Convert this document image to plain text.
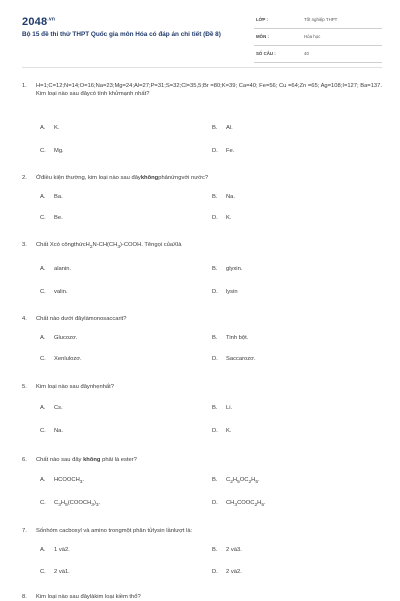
$2048^{.vn}$
Bộ 15 đề thi thử THPT Quốc gia môn Hóa có đáp án chi tiết (Đề 8)
LỚP :	Tốt nghiệp THPT
MÔN :	Hóa học
SỐ CÂU :	40
1. H=1;C=12;N=14;O=16;Na=23;Mg=24;Al=27;P=31;S=32;Cl=35,5;Br =80;K=39; Ca=40; Fe=56; Cu =64;Zn =65; Ag=108;I=127; Ba=137.
Kim loại nào sau đâycó tính khửmạnh nhất?
A. K.	B. Al.
C. Mg.	D. Fe.
2. Ởđiều kiện thường, kim loại nào sau đâykhôngphảnứngvới nước?
A. Ba.	B. Na.
C. Be.	D. K.
3. Chất Xcó $côngthứcH_2N-CH(CH_3)$-COOH. Têngọi củaXlà
A. alanin.	B. glyxin.
C. valin.	D. lysin
4. Chất nào dưới đâylàmonosaccarit?
A. Glucozơ.	B. Tinh bột.
C. Xenlulozơ.	D. Saccarozơ.
5. Kim loại nào sau đâynhẹnhất?
A. Cs.	B. Li.
C. Na.	D. K.
6. Chất nào sau đây không phải là ester?
A. $HCOOCH_3$.	B. $C_2H_5OC_2H_5$.
C. $C_3H_5(COOCH_3)_3$.	D. $CH_3COOC_2H_5$.
7. Sốnhóm cacboxyl và amino trongmột phân tửlysin lầnlượt là:
A. 1 và2.	B. 2 và3.
C. 2 và1.	D. 2 và2.
8. Kim loại nào sau đâylàkim loại kiềm thổ?
